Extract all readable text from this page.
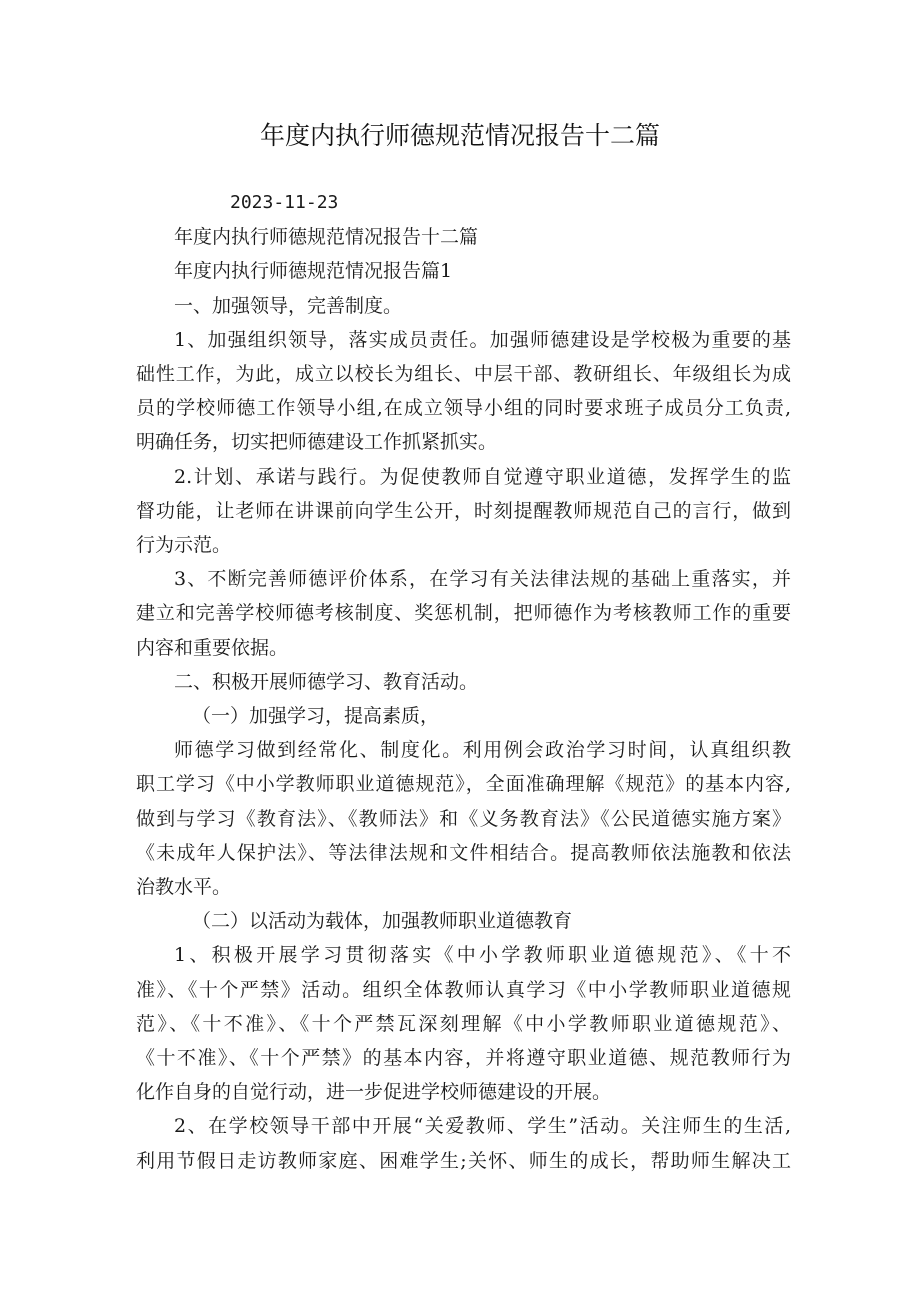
年度内执行师德规范情况报告十二篇

2023-11-23

年度内执行师德规范情况报告十二篇

年度内执行师德规范情况报告篇1

一、加强领导，完善制度。

1、加强组织领导，落实成员责任。加强师德建设是学校极为重要的基

础性工作，为此，成立以校长为组长、中层干部、教研组长、年级组长为成

员的学校师德工作领导小组,在成立领导小组的同时要求班子成员分工负责,

明确任务，切实把师德建设工作抓紧抓实。

2.计划、承诺与践行。为促使教师自觉遵守职业道德，发挥学生的监

督功能，让老师在讲课前向学生公开，时刻提醒教师规范自己的言行，做到

行为示范。

3、不断完善师德评价体系，在学习有关法律法规的基础上重落实，并

建立和完善学校师德考核制度、奖惩机制，把师德作为考核教师工作的重要

内容和重要依据。

二、积极开展师德学习、教育活动。

（一）加强学习，提高素质，

师德学习做到经常化、制度化。利用例会政治学习时间，认真组织教

职工学习《中小学教师职业道德规范》，全面准确理解《规范》的基本内容,

做到与学习《教育法》、《教师法》和《义务教育法》《公民道德实施方案》

《未成年人保护法》、等法律法规和文件相结合。提高教师依法施教和依法

治教水平。

（二）以活动为载体，加强教师职业道德教育

1、积极开展学习贯彻落实《中小学教师职业道德规范》、《十不

准》、《十个严禁》活动。组织全体教师认真学习《中小学教师职业道德规

范》、《十不准》、《十个严禁瓦深刻理解《中小学教师职业道德规范》、

《十不准》、《十个严禁》的基本内容，并将遵守职业道德、规范教师行为

化作自身的自觉行动，进一步促进学校师德建设的开展。

2、在学校领导干部中开展“关爱教师、学生”活动。关注师生的生活,

利用节假日走访教师家庭、困难学生;关怀、师生的成长，帮助师生解决工
